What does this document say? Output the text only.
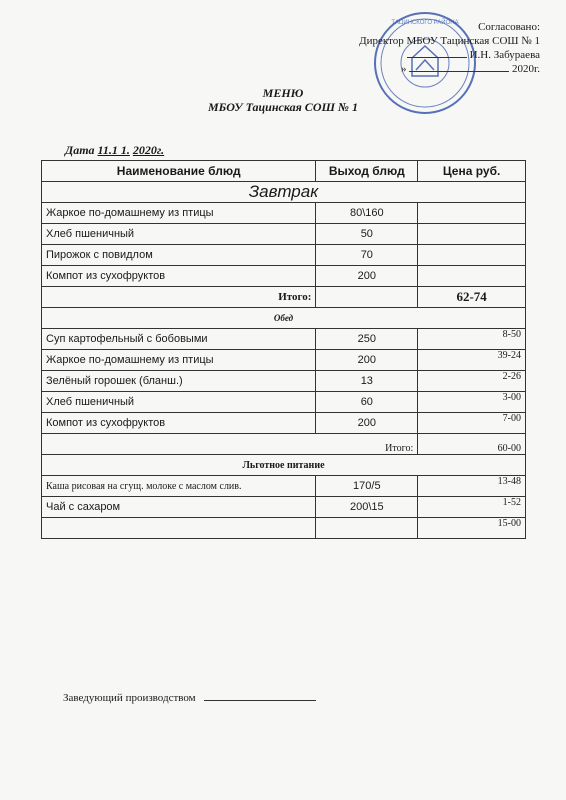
ТАЦИНСКОГО РАЙОНА	Согласовано:
Директор МБОУ Тацинская СОШ № 1
И.Н. Забураева
»	2020г.
МЕНЮ
МБОУ Тацинская СОШ № 1
Дата 11.1 1. 2020г.
Наименование блюд	Выход блюд	Цена руб.
Завтрак		
Жаркое по-домашнему из птицы	80\160	
Хлеб пшеничный	50	
Пирожок с повидлом	70	
Компот из сухофруктов	200	
Итого:		62-74
Обед		
Суп картофельный с бобовыми	250	8-50
Жаркое по-домашнему из птицы	200	39-24
Зелёный горошек (бланш.)	13	2-26
Хлеб пшеничный	60	3-00
Компот из сухофруктов	200	7-00
Итого:		60-00
Льготное питание		
Каша рисовая на сгущ. молоке с маслом слив.	170/5	13-48
Чай с сахаром	200\15	1-52
		15-00
Заведующий производством
